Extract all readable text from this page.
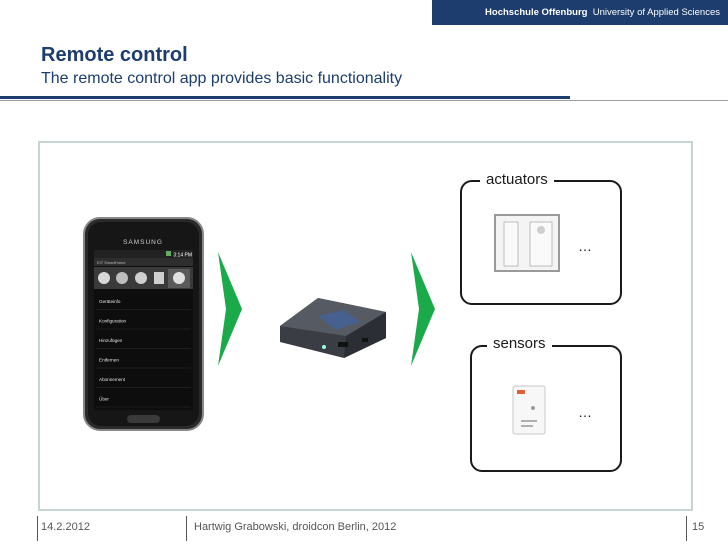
Hochschule Offenburg University of Applied Sciences
Remote control
The remote control app provides basic functionality
SAMSUNG
3:14 PM
EIT SmartHome
Geräteinfo
Konfiguration
Hinzufügen
Entfernen
Abonnement
Über
actuators
…
sensors
…
14.2.2012	Hartwig Grabowski, droidcon Berlin, 2012	15
